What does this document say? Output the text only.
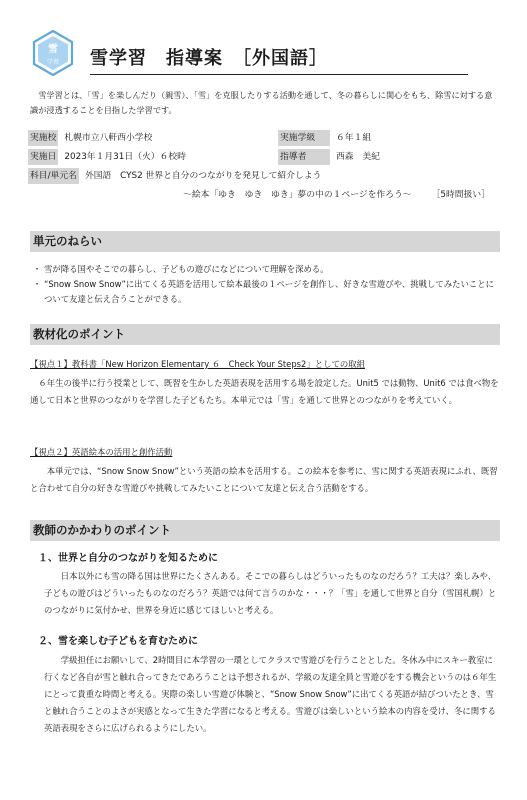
雪
学習 雪学習　指導案　［外国語］
雪学習とは、「雪」を楽しんだり（親雪）、「雪」を克服したりする活動を通して、冬の暮らしに関心をもち、除雪に対する意識が浸透することを目指した学習です。
実施校 札幌市立八軒西小学校	実施学級	６年１組
実施日 2023年１月31日（火）６校時	指導者	西森　美紀
科目/単元名 外国語　CYS2 世界と自分のつながりを発見して紹介しよう
～絵本「ゆき　ゆき　ゆき」夢の中の１ページを作ろう～ ［5時間扱い］
単元のねらい
・ 雪が降る国やそこでの暮らし、子どもの遊びになどについて理解を深める。
・ “Snow Snow Snow”に出てくる英語を活用して絵本最後の１ページを創作し、好きな雪遊びや、挑戦してみたいことについて友達と伝え合うことができる。
教材化のポイント
【視点１】教科書「New Horizon Elementary ６　Check Your Steps2」としての取組
６年生の後半に行う授業として、既習を生かした英語表現を活用する場を設定した。Unit5 では動物、Unit6 では食べ物を通して日本と世界のつながりを学習した子どもたち。本単元では「雪」を通して世界とのつながりを考えていく。
【視点２】英語絵本の活用と創作活動
本単元では、“Snow Snow Snow”という英語の絵本を活用する。この絵本を参考に、雪に関する英語表現にふれ、既習と合わせて自分の好きな雪遊びや挑戦してみたいことについて友達と伝え合う活動をする。
教師のかかわりのポイント
１、世界と自分のつながりを知るために
日本以外にも雪の降る国は世界にたくさんある。そこでの暮らしはどういったものなのだろう？工夫は？楽しみや、子どもの遊びはどういったものなのだろう？英語では何て言うのかな・・・？「雪」を通して世界と自分（雪国札幌）とのつながりに気付かせ、世界を身近に感じてほしいと考える。
２、雪を楽しむ子どもを育むために
学級担任にお願いして、2時間目に本学習の一環としてクラスで雪遊びを行うこととした。冬休み中にスキー教室に行くなど各自が雪と触れ合ってきたであろうことは予想されるが、学級の友達全員と雪遊びをする機会というのは６年生にとって貴重な時間と考える。実際の楽しい雪遊び体験と、“Snow Snow Snow”に出てくる英語が結びついたとき、雪と触れ合うことのよさが実感となって生きた学習になると考える。雪遊びは楽しいという絵本の内容を受け、冬に関する英語表現をさらに広げられるようにしたい。
